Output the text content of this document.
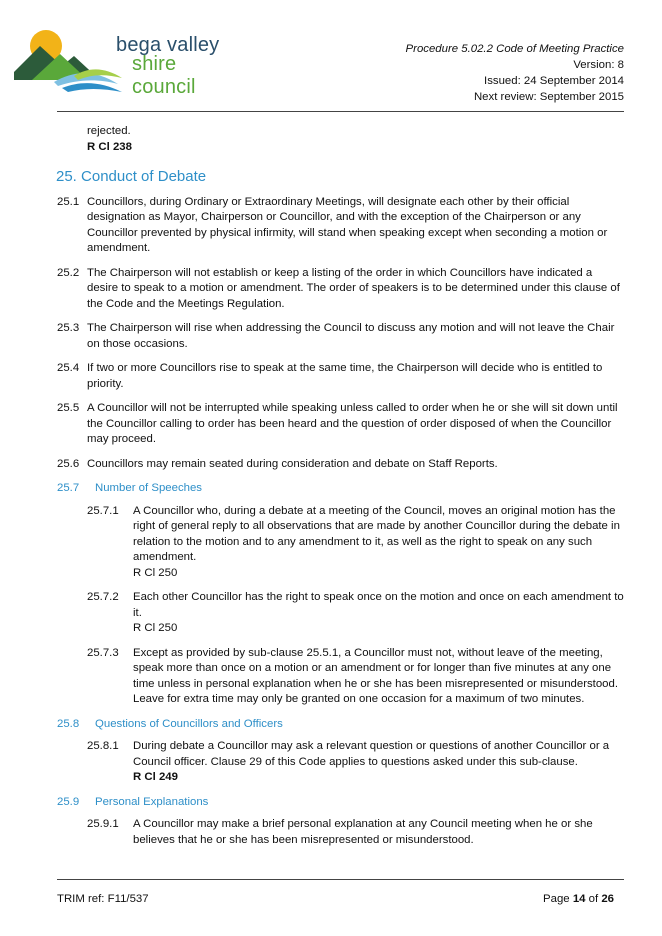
bega valley
shire council
Procedure 5.02.2 Code of Meeting Practice
Version: 8
Issued: 24 September 2014
Next review: September 2015
rejected.
R Cl 238
25. Conduct of Debate
25.1 Councillors, during Ordinary or Extraordinary Meetings, will designate each other by their official designation as Mayor, Chairperson or Councillor, and with the exception of the Chairperson or any Councillor prevented by physical infirmity, will stand when speaking except when seconding a motion or amendment.
25.2 The Chairperson will not establish or keep a listing of the order in which Councillors have indicated a desire to speak to a motion or amendment. The order of speakers is to be determined under this clause of the Code and the Meetings Regulation.
25.3 The Chairperson will rise when addressing the Council to discuss any motion and will not leave the Chair on those occasions.
25.4 If two or more Councillors rise to speak at the same time, the Chairperson will decide who is entitled to priority.
25.5 A Councillor will not be interrupted while speaking unless called to order when he or she will sit down until the Councillor calling to order has been heard and the question of order disposed of when the Councillor may proceed.
25.6 Councillors may remain seated during consideration and debate on Staff Reports.
25.7	Number of Speeches
25.7.1	A Councillor who, during a debate at a meeting of the Council, moves an original motion has the right of general reply to all observations that are made by another Councillor during the debate in relation to the motion and to any amendment to it, as well as the right to speak on any such amendment.
R Cl 250
25.7.2	Each other Councillor has the right to speak once on the motion and once on each amendment to it.
R Cl 250
25.7.3	Except as provided by sub-clause 25.5.1, a Councillor must not, without leave of the meeting, speak more than once on a motion or an amendment or for longer than five minutes at any one time unless in personal explanation when he or she has been misrepresented or misunderstood. Leave for extra time may only be granted on one occasion for a maximum of two minutes.
25.8	Questions of Councillors and Officers
25.8.1	During debate a Councillor may ask a relevant question or questions of another Councillor or a Council officer. Clause 29 of this Code applies to questions asked under this sub-clause.
R Cl 249
25.9	Personal Explanations
25.9.1	A Councillor may make a brief personal explanation at any Council meeting when he or she believes that he or she has been misrepresented or misunderstood.
TRIM ref: F11/537	Page 14 of 26
